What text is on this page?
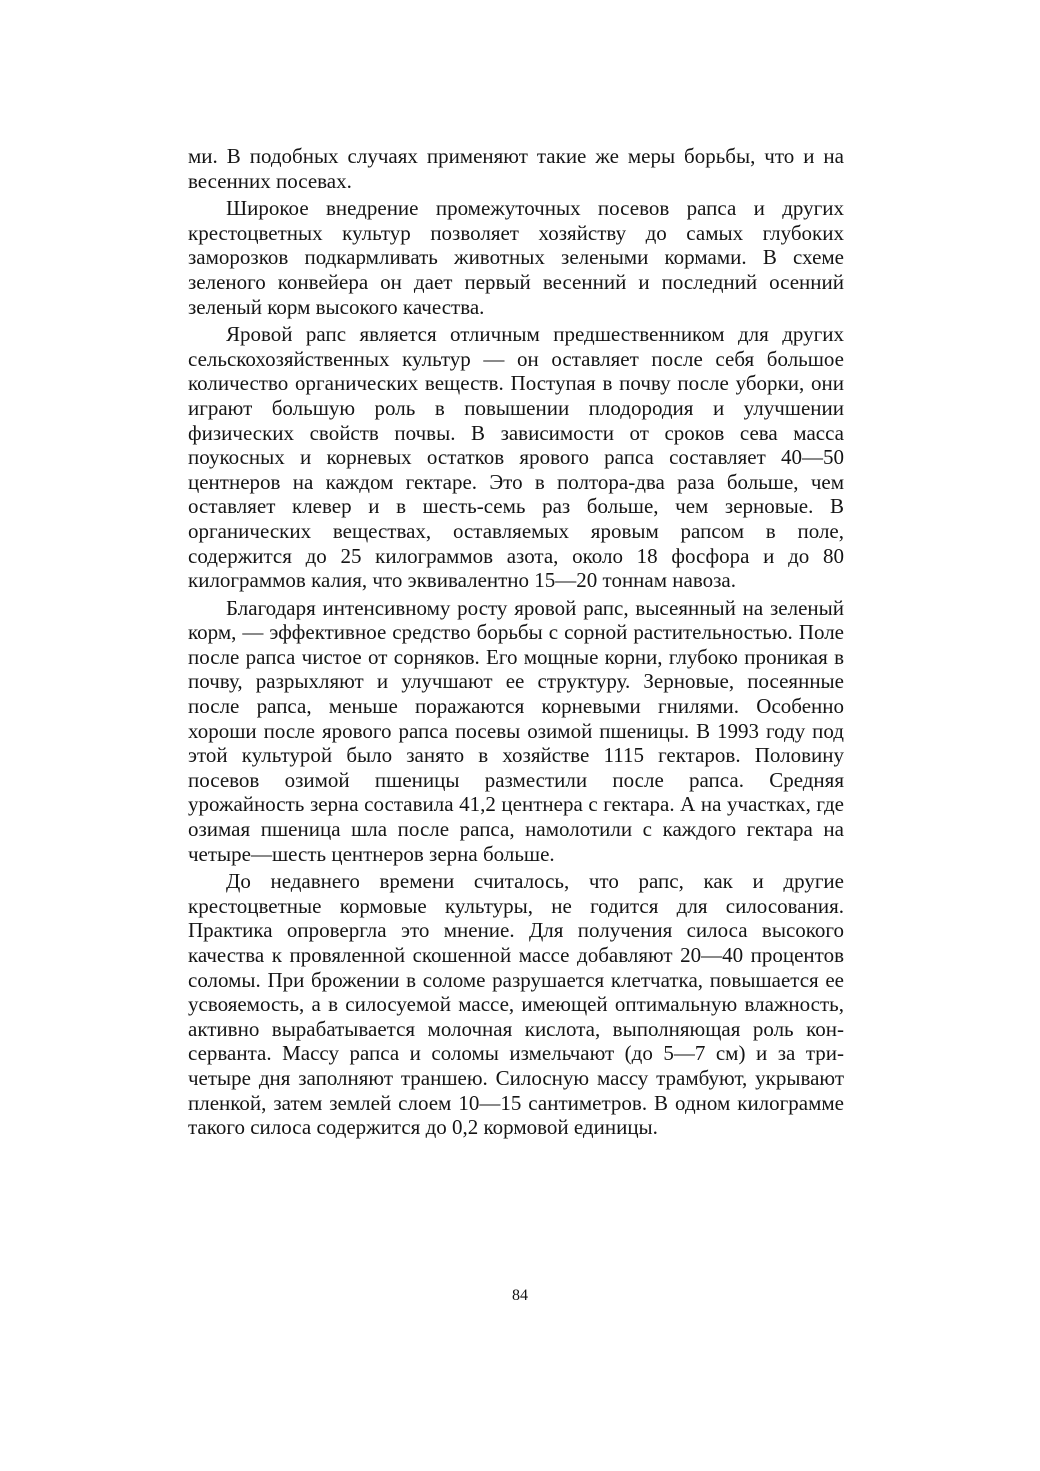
ми. В подобных случаях применяют такие же меры борьбы, что и на весенних посевах.

Широкое внедрение промежуточных посевов рапса и других крестоцветных культур позволяет хозяйству до самых глубоких заморозков подкармливать животных зелеными кормами. В схеме зеленого конвейера он дает первый весенний и последний осенний зеленый корм высокого качества.

Яровой рапс является отличным предшественником для других сельскохозяйственных культур — он оставляет после себя большое количество органических веществ. Поступая в почву после уборки, они играют большую роль в повышении плодородия и улучшении физических свойств почвы. В зависимости от сроков сева масса поукосных и корневых остатков ярового рапса составляет 40—50 центнеров на каждом гектаре. Это в полтора-два раза больше, чем оставляет клевер и в шесть-семь раз больше, чем зерновые. В органических веществах, оставляемых яровым рапсом в поле, содержится до 25 килограммов азота, около 18 фосфора и до 80 килограммов калия, что эквивалентно 15—20 тоннам навоза.

Благодаря интенсивному росту яровой рапс, высеянный на зеленый корм, — эффективное средство борьбы с сорной растительностью. Поле после рапса чистое от сорняков. Его мощные корни, глубоко проникая в почву, разрыхляют и улучшают ее структуру. Зерновые, посеянные после рапса, меньше поражаются корневыми гнилями. Особенно хороши после ярового рапса посевы озимой пшеницы. В 1993 году под этой культурой было занято в хозяйстве 1115 гектаров. Половину посевов озимой пшеницы разместили после рапса. Средняя урожайность зерна составила 41,2 центнера с гектара. А на участках, где озимая пшеница шла после рапса, намолотили с каждого гектара на четыре—шесть центнеров зерна больше.

До недавнего времени считалось, что рапс, как и другие крестоцветные кормовые культуры, не годится для силосования. Практика опровергла это мнение. Для получения силоса высокого качества к провяленной скошенной массе добавляют 20—40 процентов соломы. При брожении в соломе разрушается клетчатка, повышается ее усвояемость, а в силосуемой массе, имеющей оптимальную влажность, активно вырабатывается молочная кислота, выполняющая роль консерванта. Массу рапса и соломы измельчают (до 5—7 см) и за три-четыре дня заполняют траншею. Силосную массу трамбуют, укрывают пленкой, затем землей слоем 10—15 сантиметров. В одном килограмме такого силоса содержится до 0,2 кормовой единицы.

84
